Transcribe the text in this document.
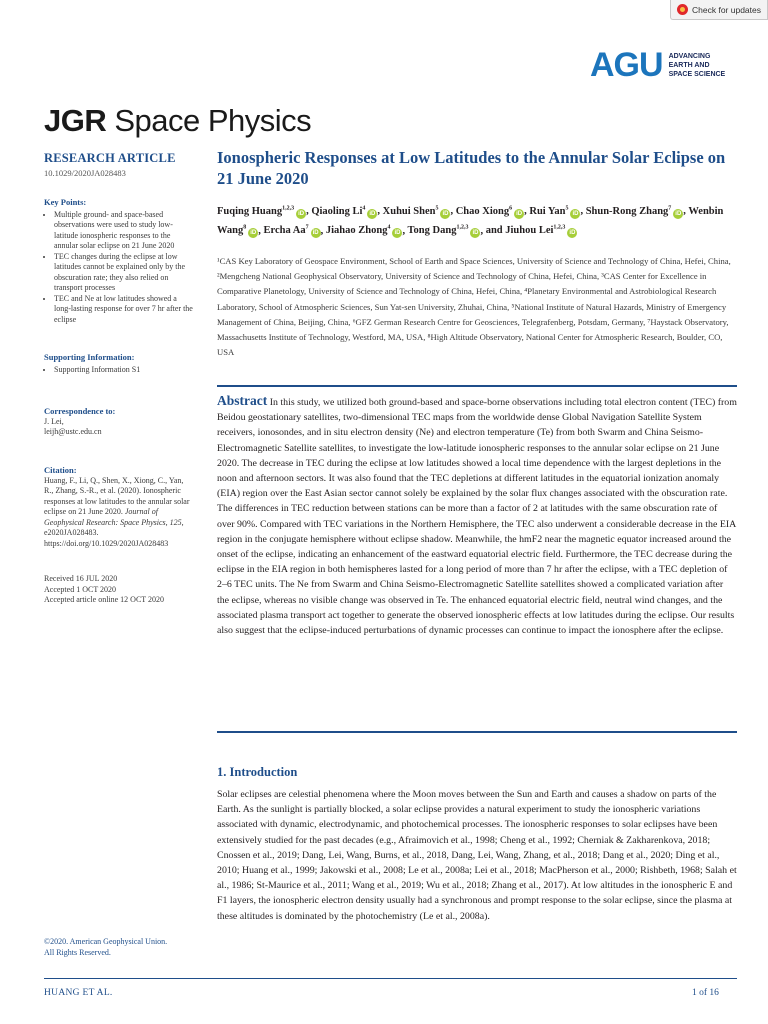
Check for updates
AGU ADVANCING
EARTH AND
SPACE SCIENCE
JGR Space Physics
RESEARCH ARTICLE
10.1029/2020JA028483
Key Points:
• Multiple ground- and space-based observations were used to study low-latitude ionospheric responses to the annular solar eclipse on 21 June 2020
• TEC changes during the eclipse at low latitudes cannot be explained only by the obscuration rate; they also relied on transport processes
• TEC and Ne at low latitudes showed a long-lasting response for over 7 hr after the eclipse
Supporting Information:
• Supporting Information S1
Correspondence to:
J. Lei,
leijh@ustc.edu.cn
Citation:
Huang, F., Li, Q., Shen, X., Xiong, C., Yan, R., Zhang, S.-R., et al. (2020). Ionospheric responses at low latitudes to the annular solar eclipse on 21 June 2020. Journal of Geophysical Research: Space Physics, 125, e2020JA028483. https://doi.org/10.1029/2020JA028483
Received 16 JUL 2020
Accepted 1 OCT 2020
Accepted article online 12 OCT 2020
©2020. American Geophysical Union.
All Rights Reserved.
Ionospheric Responses at Low Latitudes to the Annular Solar Eclipse on 21 June 2020
Fuqing Huang$^{1,2,3}$iD , Qiaoling Li$^4$iD , Xuhui Shen$^5$iD , Chao Xiong$^6$iD , Rui Yan$^5$iD , Shun-Rong Zhang$^7$iD , Wenbin Wang$^8$iD , Ercha Aa$^7$iD , Jiahao Zhong$^4$iD , Tong Dang$^{1,2,3}$iD , and Jiuhou Lei$^{1,2,3}$iD
¹CAS Key Laboratory of Geospace Environment, School of Earth and Space Sciences, University of Science and Technology of China, Hefei, China, ²Mengcheng National Geophysical Observatory, University of Science and Technology of China, Hefei, China, ³CAS Center for Excellence in Comparative Planetology, University of Science and Technology of China, Hefei, China, ⁴Planetary Environmental and Astrobiological Research Laboratory, School of Atmospheric Sciences, Sun Yat-sen University, Zhuhai, China, ⁵National Institute of Natural Hazards, Ministry of Emergency Management of China, Beijing, China, ⁶GFZ German Research Centre for Geosciences, Telegrafenberg, Potsdam, Germany, ⁷Haystack Observatory, Massachusetts Institute of Technology, Westford, MA, USA, ⁸High Altitude Observatory, National Center for Atmospheric Research, Boulder, CO, USA
Abstract In this study, we utilized both ground-based and space-borne observations including total electron content (TEC) from Beidou geostationary satellites, two-dimensional TEC maps from the worldwide dense Global Navigation Satellite System receivers, ionosondes, and in situ electron density (Ne) and electron temperature (Te) from both Swarm and China Seismo-Electromagnetic Satellite satellites, to investigate the low-latitude ionospheric responses to the annular solar eclipse on 21 June 2020. The decrease in TEC during the eclipse at low latitudes showed a local time dependence with the largest depletions in the noon and afternoon sectors. It was also found that the TEC depletions at different latitudes in the equatorial ionization anomaly (EIA) region over the East Asian sector cannot solely be explained by the solar flux changes associated with the obscuration rate. The differences in TEC reduction between stations can be more than a factor of 2 at latitudes with the same obscuration rate of over 90%. Compared with TEC variations in the Northern Hemisphere, the TEC also underwent a considerable decrease in the EIA region in the conjugate hemisphere without eclipse shadow. Meanwhile, the hmF2 near the magnetic equator increased around the onset of the eclipse, indicating an enhancement of the eastward equatorial electric field. Furthermore, the TEC decrease during the eclipse in the EIA region in both hemispheres lasted for a long period of more than 7 hr after the eclipse, with a TEC depletion of 2–6 TEC units. The Ne from Swarm and China Seismo-Electromagnetic Satellite satellites showed a complicated variation after the eclipse, whereas no visible change was observed in Te. The enhanced equatorial electric field, neutral wind changes, and the associated plasma transport act together to generate the observed ionospheric effects at low latitudes during the eclipse. Our results also suggest that the eclipse-induced perturbations of dynamic processes can continue to impact the ionosphere after the eclipse.
1. Introduction
Solar eclipses are celestial phenomena where the Moon moves between the Sun and Earth and causes a shadow on parts of the Earth. As the sunlight is partially blocked, a solar eclipse provides a natural experiment to study the ionospheric variations associated with dynamic, electrodynamic, and photochemical processes. The ionospheric responses to solar eclipses have been extensively studied for the past decades (e.g., Afraimovich et al., 1998; Cheng et al., 1992; Cherniak & Zakharenkova, 2018; Cnossen et al., 2019; Dang, Lei, Wang, Burns, et al., 2018, Dang, Lei, Wang, Zhang, et al., 2018; Dang et al., 2020; Ding et al., 2010; Huang et al., 1999; Jakowski et al., 2008; Le et al., 2008a; Lei et al., 2018; MacPherson et al., 2000; Rishbeth, 1968; Salah et al., 1986; St-Maurice et al., 2011; Wang et al., 2019; Wu et al., 2018; Zhang et al., 2017). At low altitudes in the ionospheric E and F1 layers, the ionospheric electron density usually had a synchronous and prompt response to the solar eclipse, since the plasma at these altitudes is dominated by the photochemistry (Le et al., 2008a).
HUANG ET AL.	1 of 16
